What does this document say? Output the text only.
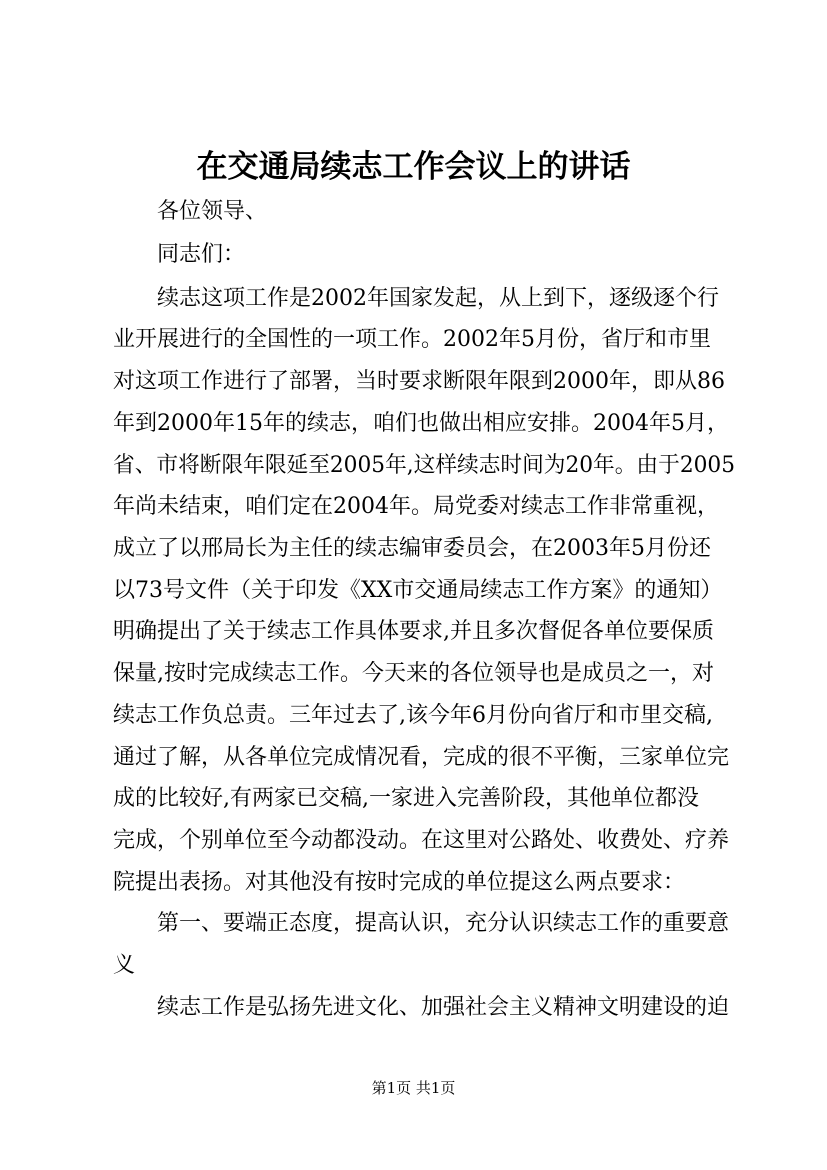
在交通局续志工作会议上的讲话
各位领导、
同志们：
续志这项工作是2002年国家发起，从上到下，逐级逐个行
业开展进行的全国性的一项工作。2002年5月份，省厅和市里
对这项工作进行了部署，当时要求断限年限到2000年，即从86
年到2000年15年的续志，咱们也做出相应安排。2004年5月，
省、市将断限年限延至2005年,这样续志时间为20年。由于2005
年尚未结束，咱们定在2004年。局党委对续志工作非常重视，
成立了以邢局长为主任的续志编审委员会，在2003年5月份还
以73号文件（关于印发《XX市交通局续志工作方案》的通知）
明确提出了关于续志工作具体要求,并且多次督促各单位要保质
保量,按时完成续志工作。今天来的各位领导也是成员之一，对
续志工作负总责。三年过去了,该今年6月份向省厅和市里交稿,
通过了解，从各单位完成情况看，完成的很不平衡，三家单位完
成的比较好,有两家已交稿,一家进入完善阶段，其他单位都没
完成，个别单位至今动都没动。在这里对公路处、收费处、疗养
院提出表扬。对其他没有按时完成的单位提这么两点要求：
第一、要端正态度，提高认识，充分认识续志工作的重要意
义
续志工作是弘扬先进文化、加强社会主义精神文明建设的迫
第1页 共1页
